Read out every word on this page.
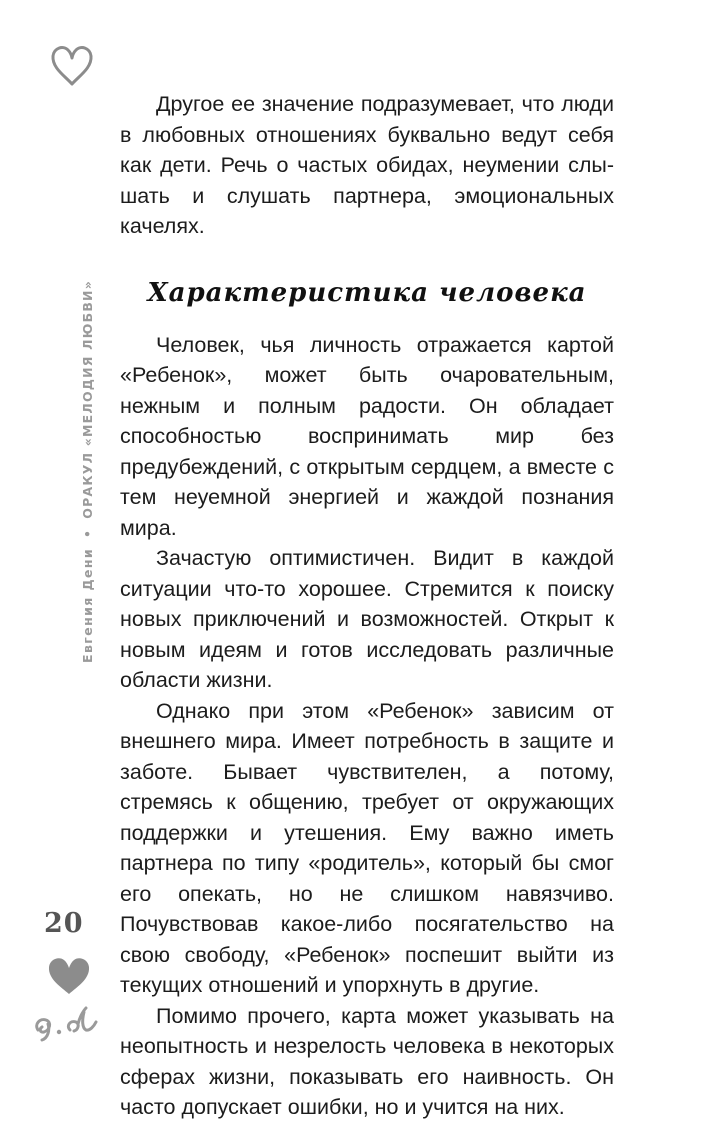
Евгения Дени
•
ОРАКУЛ «МЕЛОДИЯ ЛЮБВИ»
20

Другое ее значение подразумевает, что люди в любовных отношениях буквально ведут себя как дети. Речь о частых обидах, неумении слышать и слушать партнера, эмоциональных качелях.

Характеристика человека

Человек, чья личность отражается картой «Ребенок», может быть очаровательным, нежным и полным радости. Он обладает способностью воспринимать мир без предубеждений, с открытым сердцем, а вместе с тем неуемной энергией и жаждой познания мира.

Зачастую оптимистичен. Видит в каждой ситуации что-то хорошее. Стремится к поиску новых приключений и возможностей. Открыт к новым идеям и готов исследовать различные области жизни.

Однако при этом «Ребенок» зависим от внешнего мира. Имеет потребность в защите и заботе. Бывает чувствителен, а потому, стремясь к общению, требует от окружающих поддержки и утешения. Ему важно иметь партнера по типу «родитель», который бы смог его опекать, но не слишком навязчиво. Почувствовав какое-либо посягательство на свою свободу, «Ребенок» поспешит выйти из текущих отношений и упорхнуть в другие.

Помимо прочего, карта может указывать на неопытность и незрелость человека в некоторых сферах жизни, показывать его наивность. Он часто допускает ошибки, но и учится на них.
